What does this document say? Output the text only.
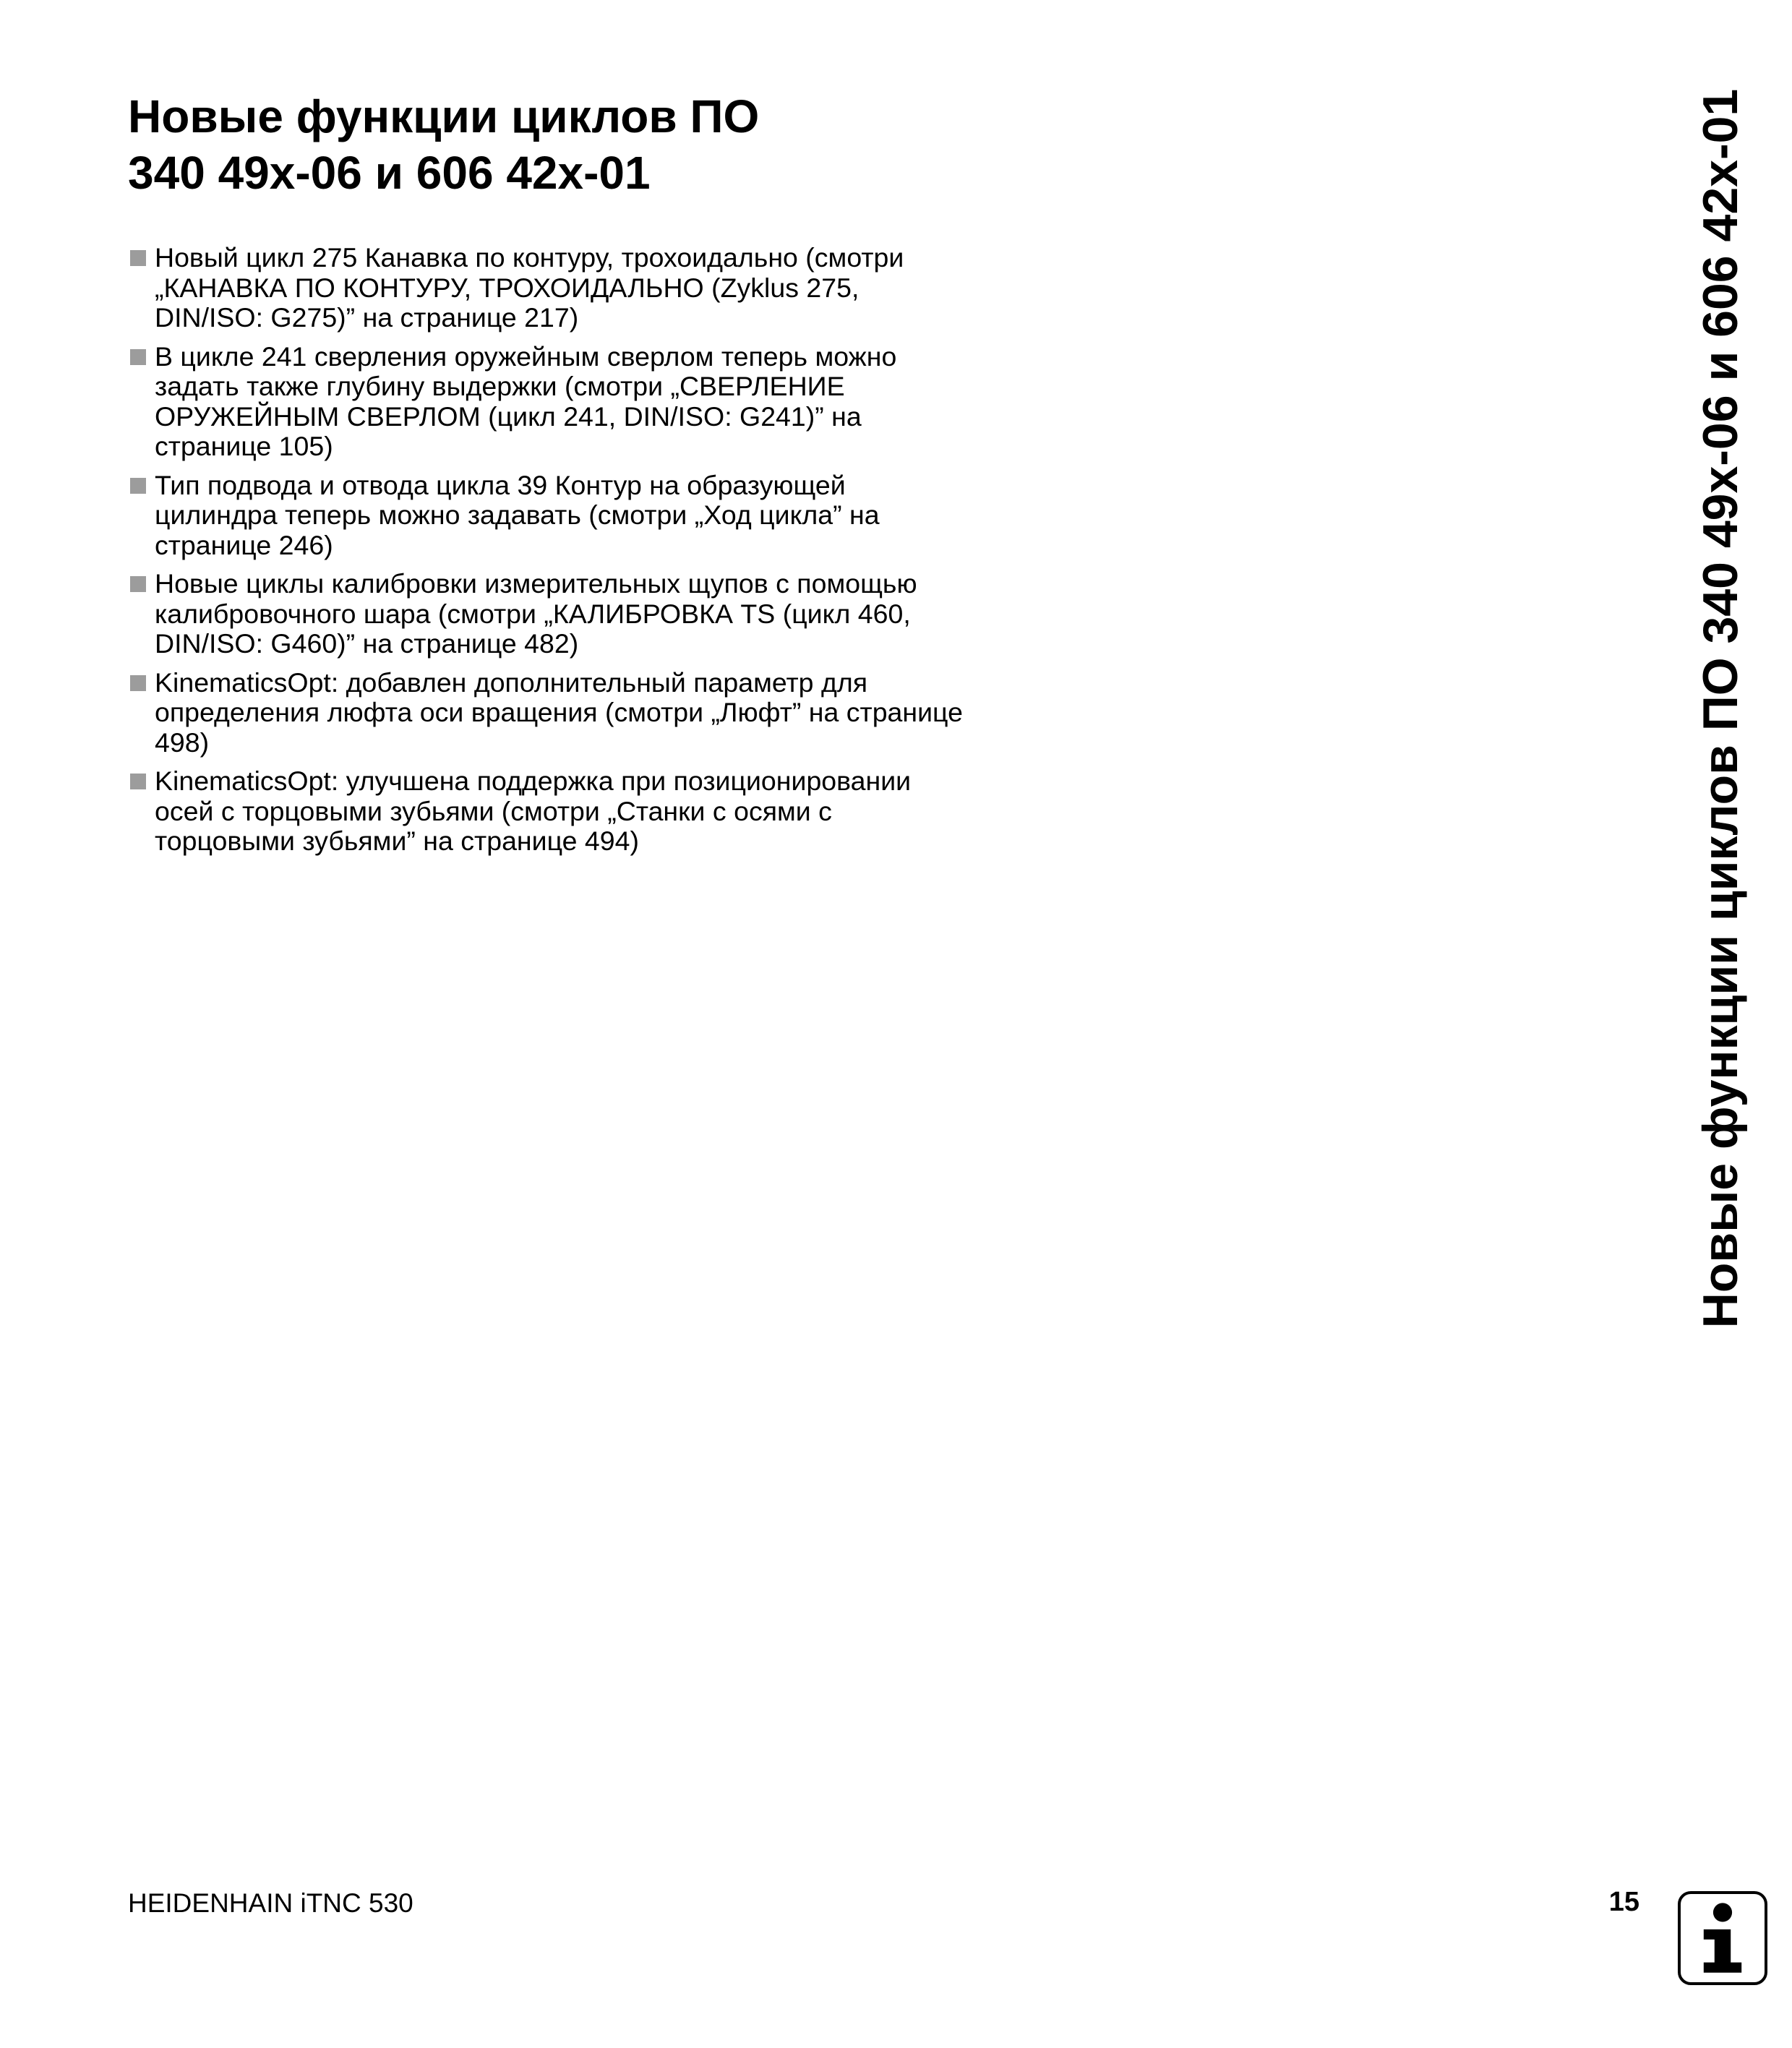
Новые функции циклов ПО
340 49x-06 и 606 42x-01
Новый цикл 275 Канавка по контуру, трохоидально (смотри
„КАНАВКА ПО КОНТУРУ, ТРОХОИДАЛЬНО (Zyklus 275,
DIN/ISO: G275)” на странице 217)
В цикле 241 сверления оружейным сверлом теперь можно
задать также глубину выдержки (смотри „СВЕРЛЕНИЕ
ОРУЖЕЙНЫМ СВЕРЛОМ (цикл 241, DIN/ISO: G241)” на
странице 105)
Тип подвода и отвода цикла 39 Контур на образующей
цилиндра теперь можно задавать (смотри „Ход цикла” на
странице 246)
Новые циклы калибровки измерительных щупов с помощью
калибровочного шара (смотри „КАЛИБРОВКА TS (цикл 460,
DIN/ISO: G460)” на странице 482)
KinematicsOpt: добавлен дополнительный параметр для
определения люфта оси вращения (смотри „Люфт” на странице
498)
KinematicsOpt: улучшена поддержка при позиционировании
осей с торцовыми зубьями (смотри „Станки с осями с
торцовыми зубьями” на странице 494)	Новые функции циклов ПО 340 49x-06 и 606 42x-01
HEIDENHAIN iTNC 530	15
